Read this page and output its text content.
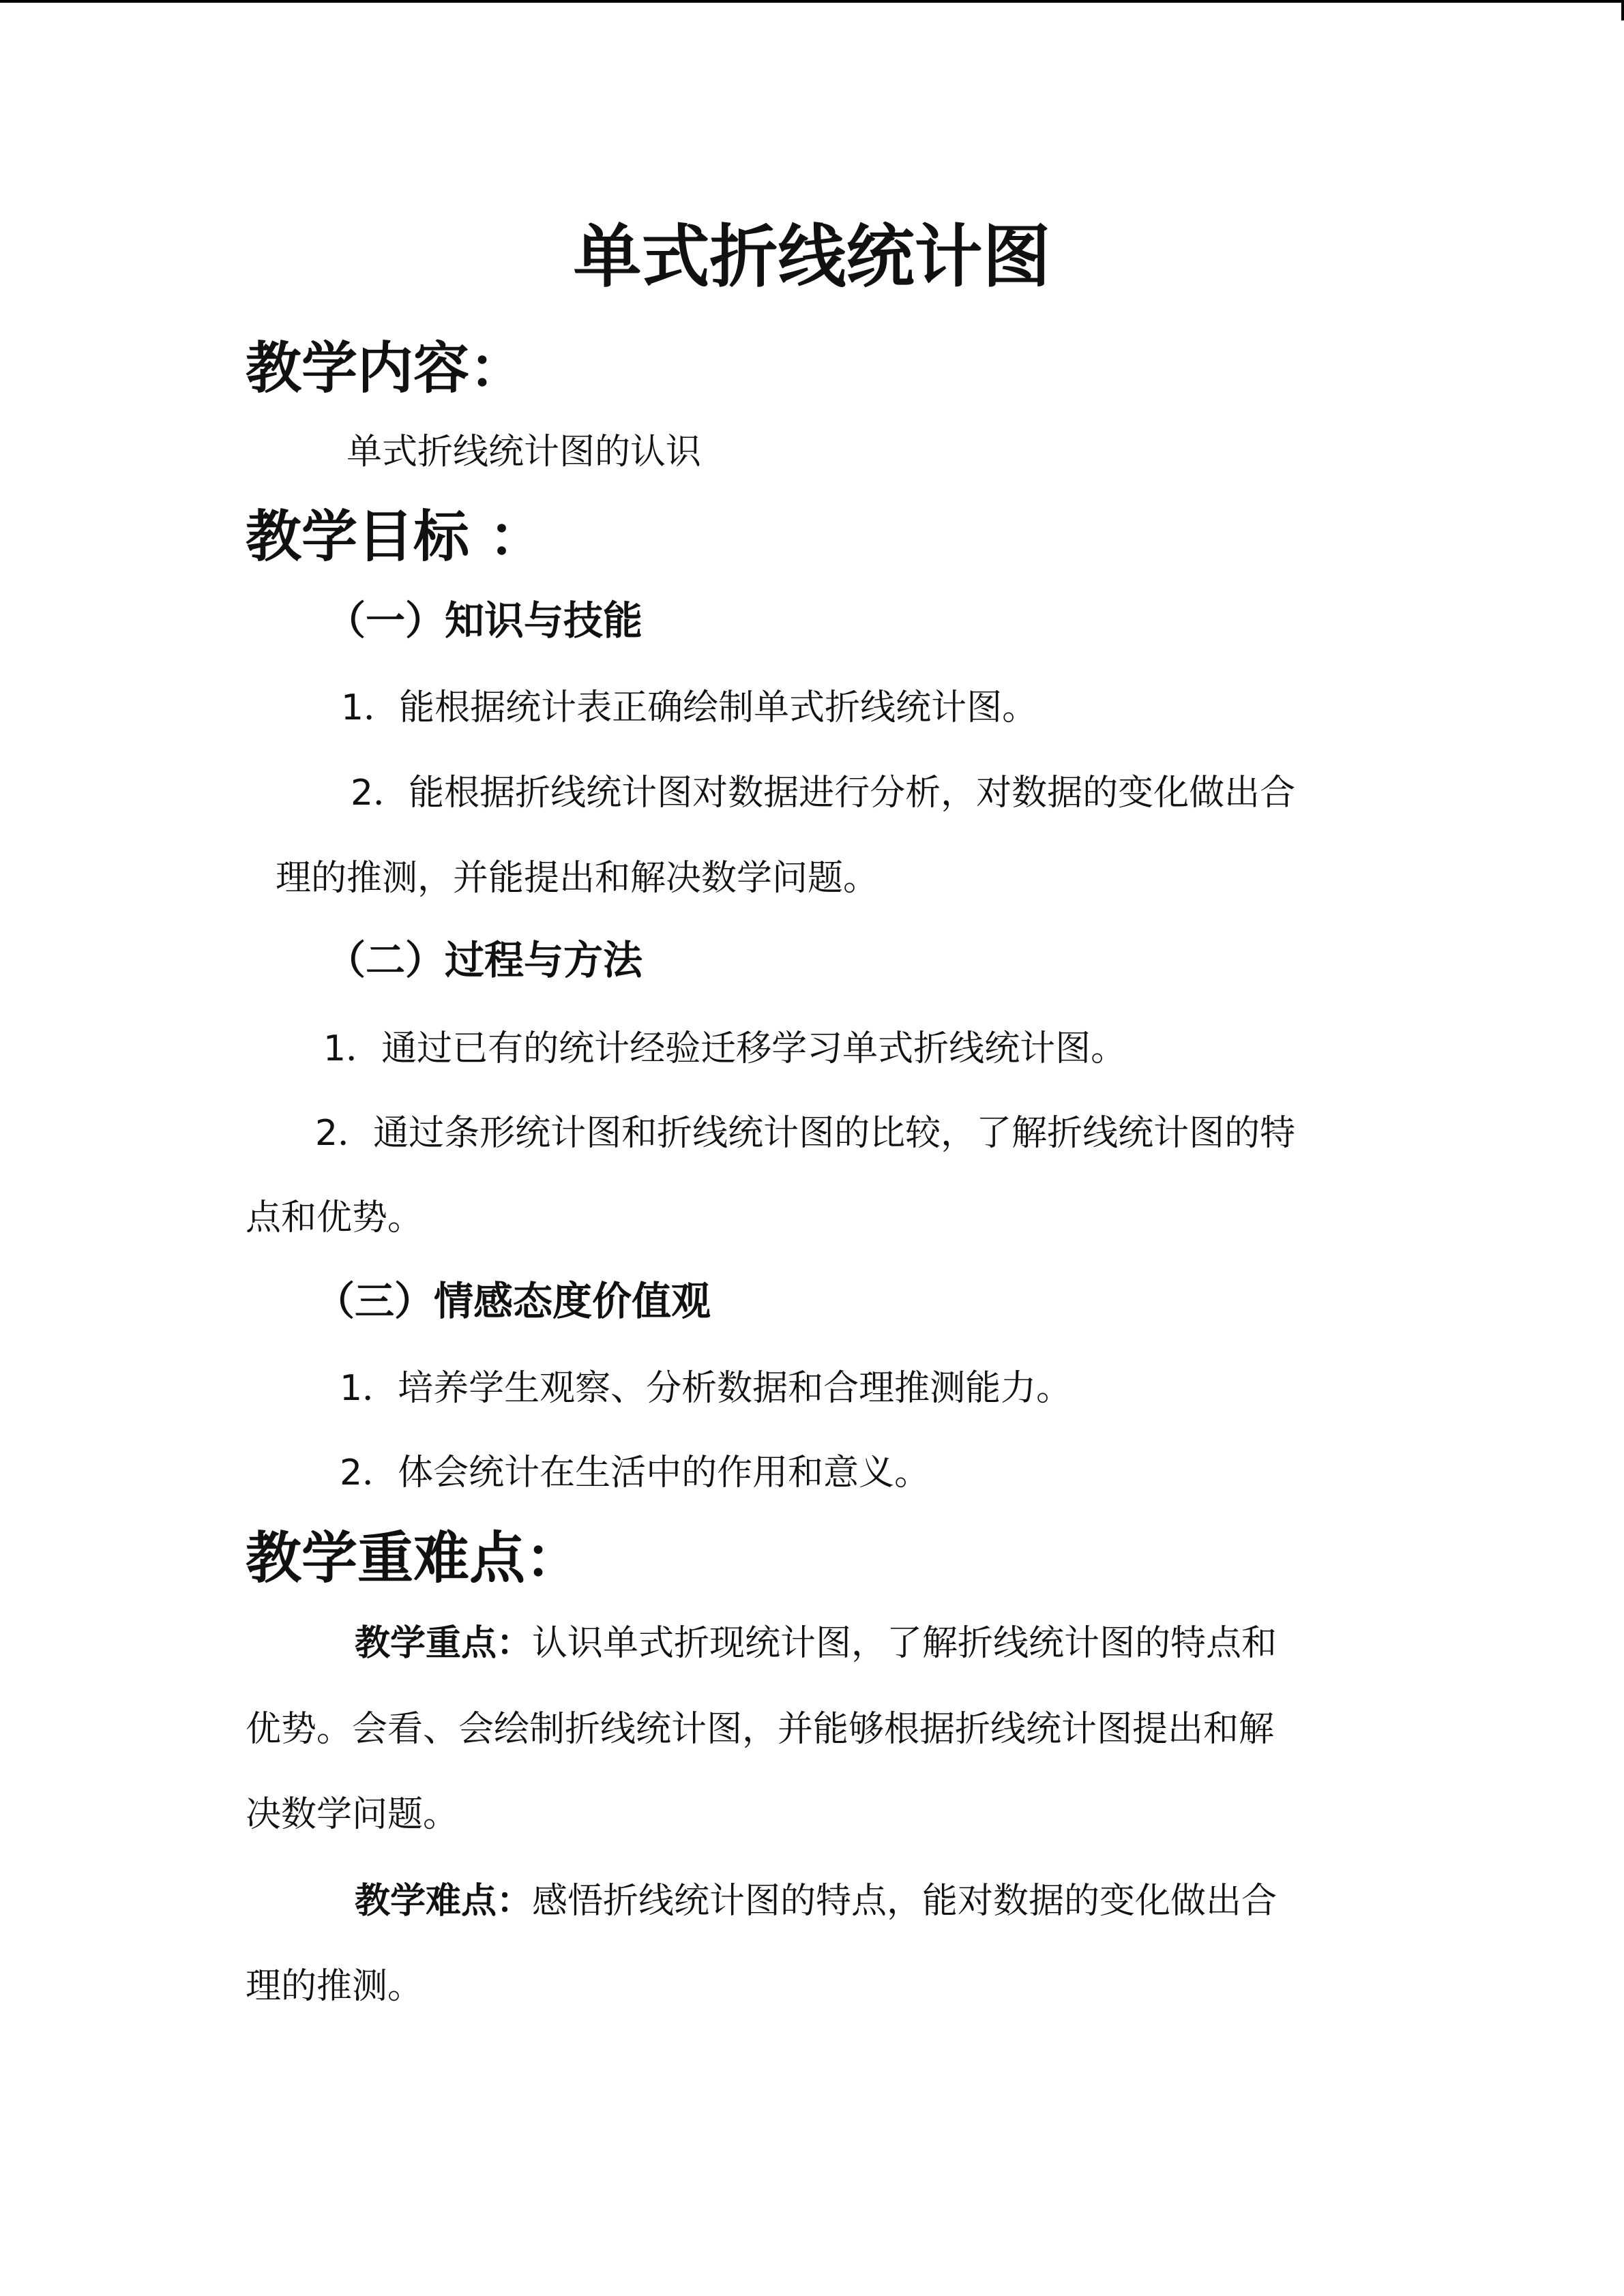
单式折线统计图
教学内容：
单式折线统计图的认识
教学目标 ：
（一）知识与技能
1．能根据统计表正确绘制单式折线统计图。
2．能根据折线统计图对数据进行分析，对数据的变化做出合
理的推测，并能提出和解决数学问题。
（二）过程与方法
1．通过已有的统计经验迁移学习单式折线统计图。
2．通过条形统计图和折线统计图的比较，了解折线统计图的特
点和优势。
（三）情感态度价值观
1．培养学生观察、分析数据和合理推测能力。
2．体会统计在生活中的作用和意义。
教学重难点：
教学重点：认识单式折现统计图，了解折线统计图的特点和
优势。会看、会绘制折线统计图，并能够根据折线统计图提出和解
决数学问题。
教学难点：感悟折线统计图的特点，能对数据的变化做出合
理的推测。
